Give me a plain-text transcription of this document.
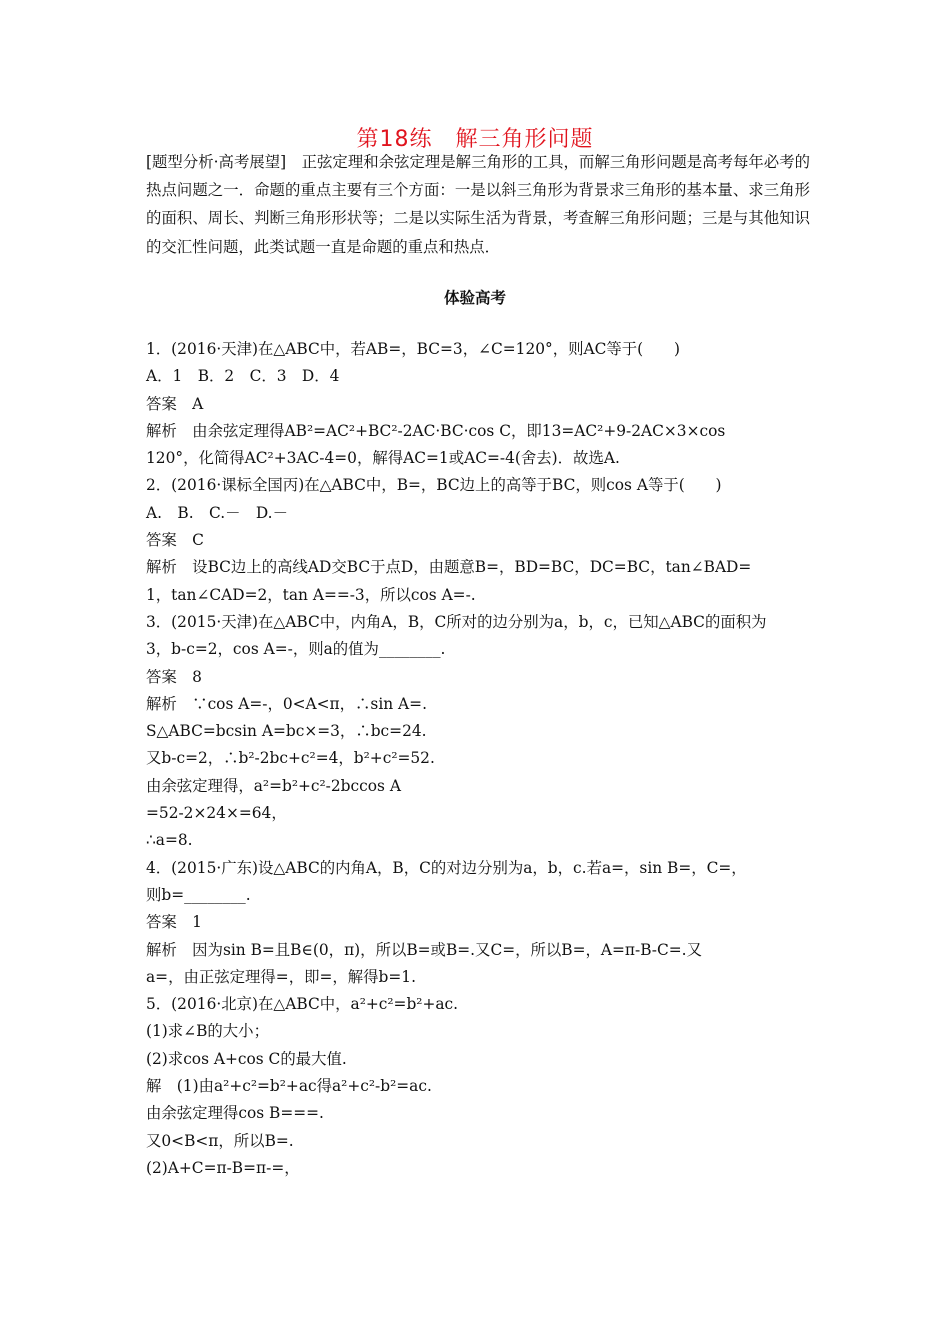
第18练　解三角形问题
[题型分析·高考展望]　正弦定理和余弦定理是解三角形的工具，而解三角形问题是高考每年必考的热点问题之一．命题的重点主要有三个方面：一是以斜三角形为背景求三角形的基本量、求三角形的面积、周长、判断三角形形状等；二是以实际生活为背景，考查解三角形问题；三是与其他知识的交汇性问题，此类试题一直是命题的重点和热点．
体验高考
1．(2016·天津)在△ABC中，若AB=，BC=3，∠C=120°，则AC等于(　　)
A．1　B．2　C．3　D．4
答案　A
解析　由余弦定理得AB²=AC²+BC²-2AC·BC·cos C，即13=AC²+9-2AC×3×cos
120°，化简得AC²+3AC-4=0，解得AC=1或AC=-4(舍去)．故选A.
2．(2016·课标全国丙)在△ABC中，B=，BC边上的高等于BC，则cos A等于(　　)
A.　B.　C.－　D.－
答案　C
解析　设BC边上的高线AD交BC于点D，由题意B=，BD=BC，DC=BC，tan∠BAD=
1，tan∠CAD=2，tan A==-3，所以cos A=-.
3．(2015·天津)在△ABC中，内角A，B，C所对的边分别为a，b，c，已知△ABC的面积为
3，b-c=2，cos A=-，则a的值为________.
答案　8
解析　∵cos A=-，0<A<π，∴sin A=.
S△ABC=bcsin A=bc×=3，∴bc=24.
又b-c=2，∴b²-2bc+c²=4，b²+c²=52.
由余弦定理得，a²=b²+c²-2bccos A
=52-2×24×=64，
∴a=8.
4．(2015·广东)设△ABC的内角A，B，C的对边分别为a，b，c.若a=，sin B=，C=，
则b=________.
答案　1
解析　因为sin B=且B∈(0，π)，所以B=或B=.又C=，所以B=，A=π-B-C=.又
a=，由正弦定理得=，即=，解得b=1.
5．(2016·北京)在△ABC中，a²+c²=b²+ac.
(1)求∠B的大小；
(2)求cos A+cos C的最大值.
解　(1)由a²+c²=b²+ac得a²+c²-b²=ac.
由余弦定理得cos B===.
又0<B<π，所以B=.
(2)A+C=π-B=π-=，
